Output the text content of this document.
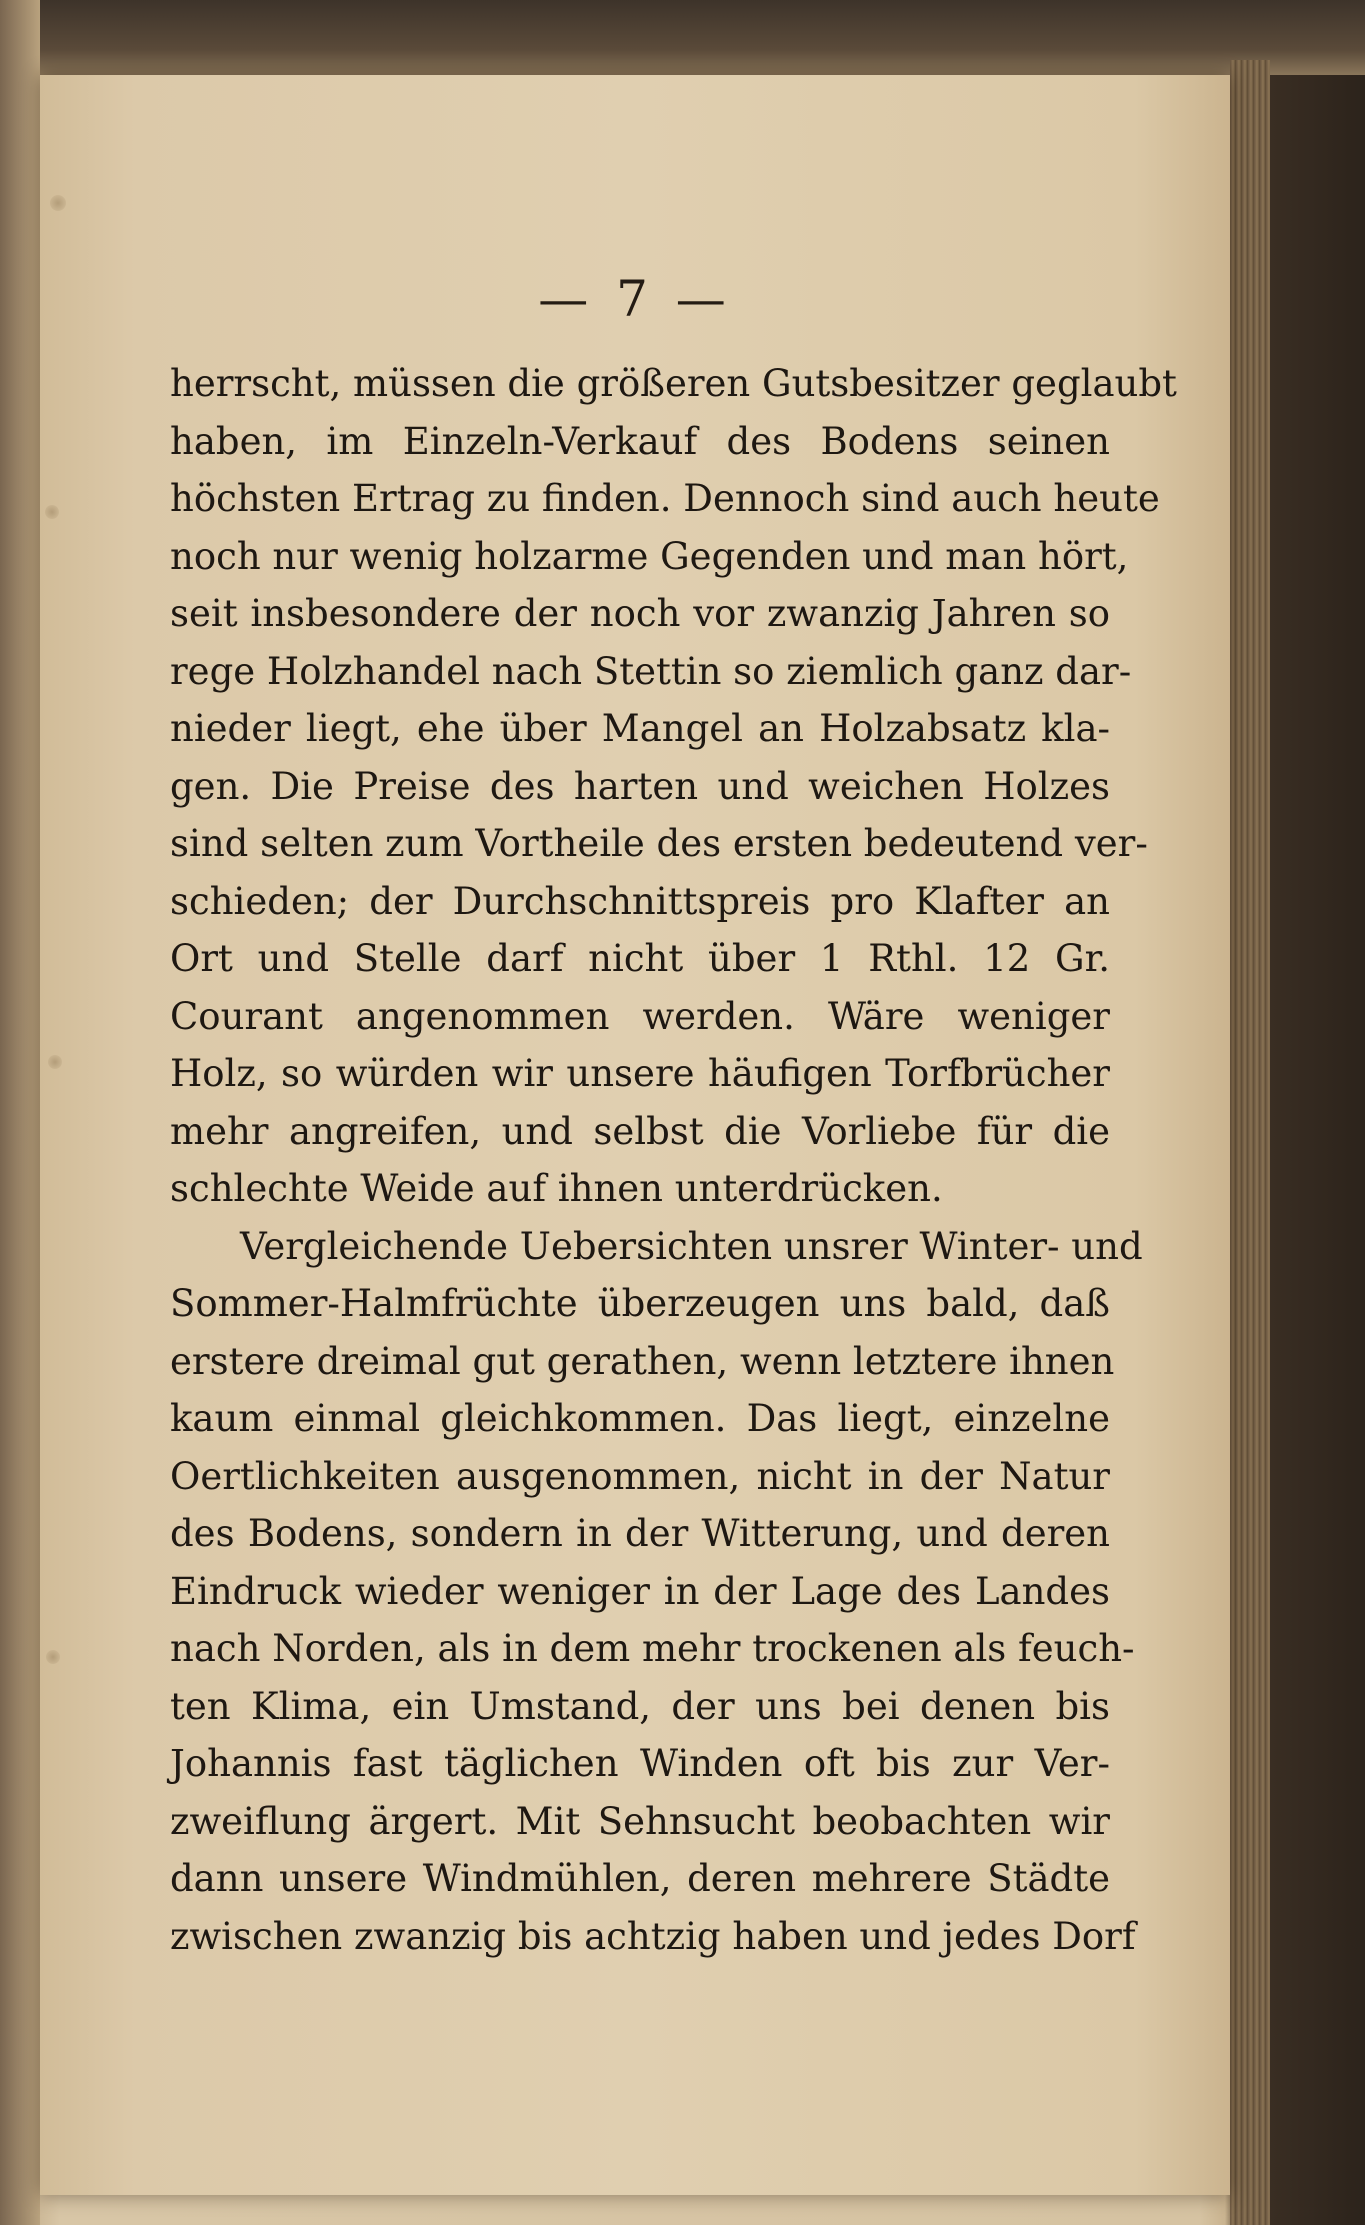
— 7 —
herrscht, müssen die größeren Gutsbesitzer geglaubt
haben, im Einzeln-Verkauf des Bodens seinen
höchsten Ertrag zu finden. Dennoch sind auch heute
noch nur wenig holzarme Gegenden und man hört,
seit insbesondere der noch vor zwanzig Jahren so
rege Holzhandel nach Stettin so ziemlich ganz dar-
nieder liegt, ehe über Mangel an Holzabsatz kla-
gen. Die Preise des harten und weichen Holzes
sind selten zum Vortheile des ersten bedeutend ver-
schieden; der Durchschnittspreis pro Klafter an
Ort und Stelle darf nicht über 1 Rthl. 12 Gr.
Courant angenommen werden. Wäre weniger
Holz, so würden wir unsere häufigen Torfbrücher
mehr angreifen, und selbst die Vorliebe für die
schlechte Weide auf ihnen unterdrücken.
Vergleichende Uebersichten unsrer Winter- und
Sommer-Halmfrüchte überzeugen uns bald, daß
erstere dreimal gut gerathen, wenn letztere ihnen
kaum einmal gleichkommen. Das liegt, einzelne
Oertlichkeiten ausgenommen, nicht in der Natur
des Bodens, sondern in der Witterung, und deren
Eindruck wieder weniger in der Lage des Landes
nach Norden, als in dem mehr trockenen als feuch-
ten Klima, ein Umstand, der uns bei denen bis
Johannis fast täglichen Winden oft bis zur Ver-
zweiflung ärgert. Mit Sehnsucht beobachten wir
dann unsere Windmühlen, deren mehrere Städte
zwischen zwanzig bis achtzig haben und jedes Dorf
